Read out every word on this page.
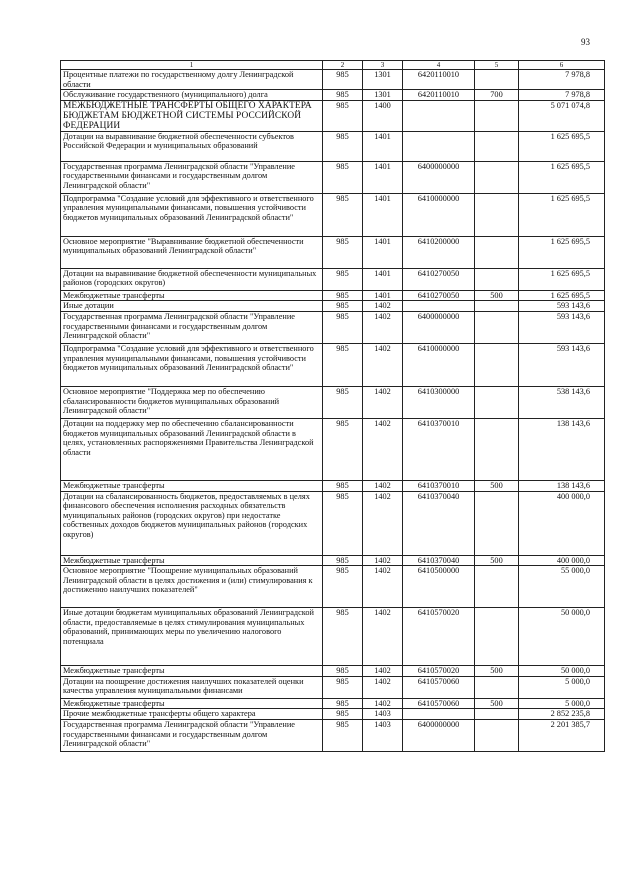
93
1	2	3	4	5	6
Процентные платежи по государственному долгу Ленинградской области	985	1301	6420110010		7 978,8
Обслуживание государственного (муниципального) долга	985	1301	6420110010	700	7 978,8
МЕЖБЮДЖЕТНЫЕ ТРАНСФЕРТЫ ОБЩЕГО ХАРАКТЕРА БЮДЖЕТАМ БЮДЖЕТНОЙ СИСТЕМЫ РОССИЙСКОЙ ФЕДЕРАЦИИ	985	1400			5 071 074,8
Дотации на выравнивание бюджетной обеспеченности субъектов Российской Федерации и муниципальных образований	985	1401			1 625 695,5
Государственная программа Ленинградской области "Управление государственными финансами и государственным долгом Ленинградской области"	985	1401	6400000000		1 625 695,5
Подпрограмма "Создание условий для эффективного и ответственного управления муниципальными финансами, повышения устойчивости бюджетов муниципальных образований Ленинградской области"	985	1401	6410000000		1 625 695,5
Основное мероприятие "Выравнивание бюджетной обеспеченности муниципальных образований Ленинградской области"	985	1401	6410200000		1 625 695,5
Дотации на выравнивание бюджетной обеспеченности муниципальных районов (городских округов)	985	1401	6410270050		1 625 695,5
Межбюджетные трансферты	985	1401	6410270050	500	1 625 695,5
Иные дотации	985	1402			593 143,6
Государственная программа Ленинградской области "Управление государственными финансами и государственным долгом Ленинградской области"	985	1402	6400000000		593 143,6
Подпрограмма "Создание условий для эффективного и ответственного управления муниципальными финансами, повышения устойчивости бюджетов муниципальных образований Ленинградской области"	985	1402	6410000000		593 143,6
Основное мероприятие "Поддержка мер по обеспечению сбалансированности бюджетов муниципальных образований Ленинградской области"	985	1402	6410300000		538 143,6
Дотации на поддержку мер по обеспечению сбалансированности бюджетов муниципальных образований Ленинградской области в целях, установленных распоряжениями Правительства Ленинградской области	985	1402	6410370010		138 143,6
Межбюджетные трансферты	985	1402	6410370010	500	138 143,6
Дотации на сбалансированность бюджетов, предоставляемых в целях финансового обеспечения исполнения расходных обязательств муниципальных районов (городских округов) при недостатке собственных доходов бюджетов муниципальных районов (городских округов)	985	1402	6410370040		400 000,0
Межбюджетные трансферты	985	1402	6410370040	500	400 000,0
Основное мероприятие "Поощрение муниципальных образований Ленинградской области в целях достижения и (или) стимулирования к достижению наилучших показателей"	985	1402	6410500000		55 000,0
Иные дотации бюджетам муниципальных образований Ленинградской области, предоставляемые в целях стимулирования муниципальных образований, принимающих меры по увеличению налогового потенциала	985	1402	6410570020		50 000,0
Межбюджетные трансферты	985	1402	6410570020	500	50 000,0
Дотации на поощрение достижения наилучших показателей оценки качества управления муниципальными финансами	985	1402	6410570060		5 000,0
Межбюджетные трансферты	985	1402	6410570060	500	5 000,0
Прочие межбюджетные трансферты общего характера	985	1403			2 852 235,8
Государственная программа Ленинградской области "Управление государственными финансами и государственным долгом Ленинградской области"	985	1403	6400000000		2 201 385,7
